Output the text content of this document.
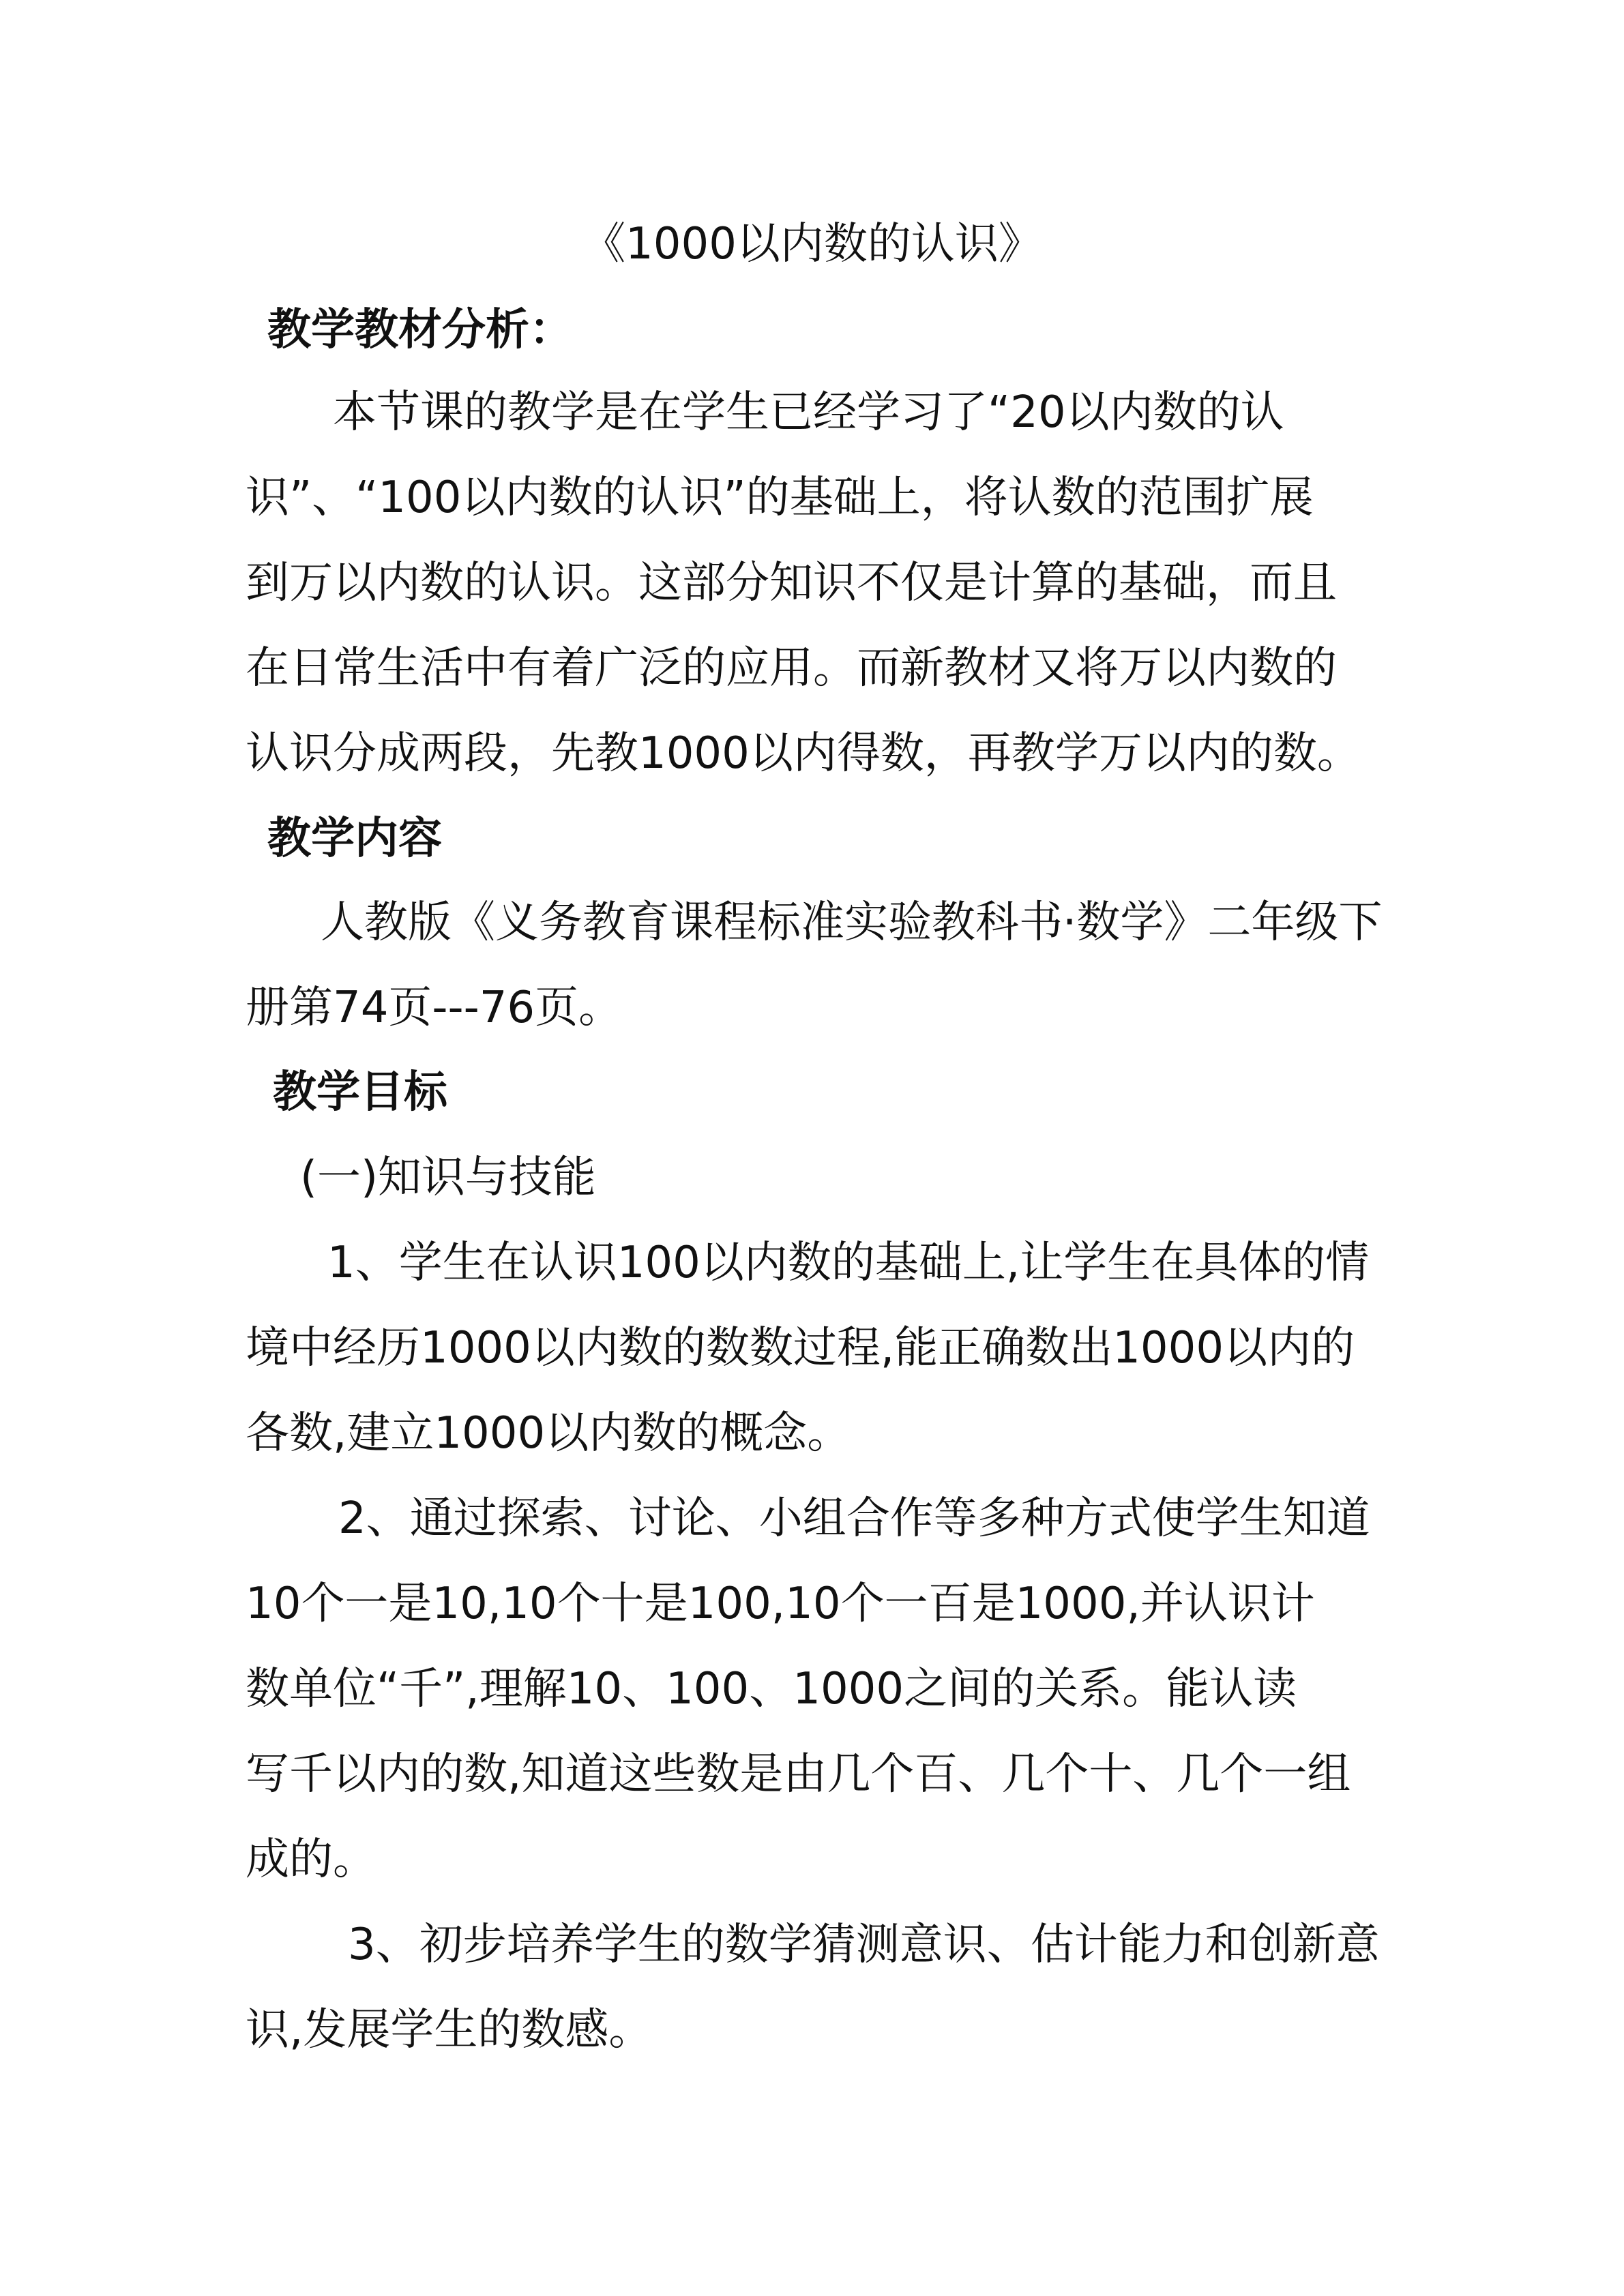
《1000以内数的认识》
教学教材分析：
本节课的教学是在学生已经学习了“20以内数的认
识”、“100以内数的认识”的基础上，将认数的范围扩展
到万以内数的认识。这部分知识不仅是计算的基础，而且
在日常生活中有着广泛的应用。而新教材又将万以内数的
认识分成两段，先教1000以内得数，再教学万以内的数。
教学内容
人教版《义务教育课程标准实验教科书·数学》二年级下
册第74页---76页。
教学目标
(一)知识与技能
1、学生在认识100以内数的基础上,让学生在具体的情
境中经历1000以内数的数数过程,能正确数出1000以内的
各数,建立1000以内数的概念。
2、通过探索、讨论、小组合作等多种方式使学生知道
10个一是10,10个十是100,10个一百是1000,并认识计
数单位“千”,理解10、100、1000之间的关系。能认读
写千以内的数,知道这些数是由几个百、几个十、几个一组
成的。
3、初步培养学生的数学猜测意识、估计能力和创新意
识,发展学生的数感。
